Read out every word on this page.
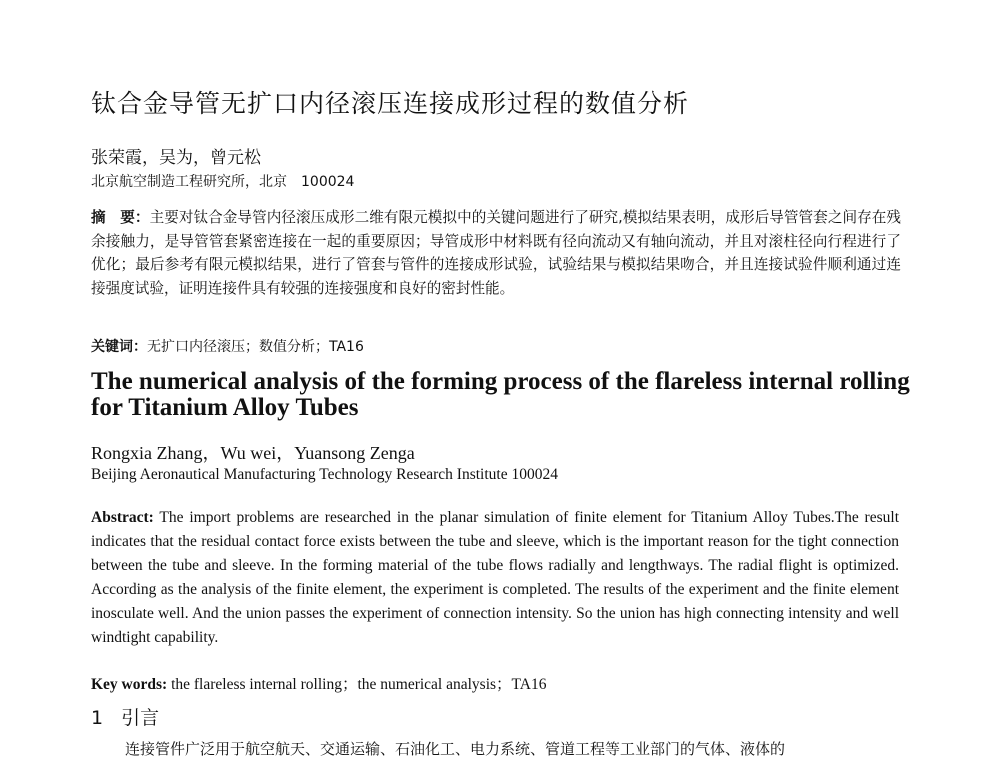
钛合金导管无扩口内径滚压连接成形过程的数值分析

张荣霞，吴为，曾元松

北京航空制造工程研究所，北京　100024

摘　要：主要对钛合金导管内径滚压成形二维有限元模拟中的关键问题进行了研究,模拟结果表明，成形后导管管套之间存在残余接触力，是导管管套紧密连接在一起的重要原因；导管成形中材料既有径向流动又有轴向流动，并且对滚柱径向行程进行了优化；最后参考有限元模拟结果，进行了管套与管件的连接成形试验，试验结果与模拟结果吻合，并且连接试验件顺利通过连接强度试验，证明连接件具有较强的连接强度和良好的密封性能。

关键词：无扩口内径滚压；数值分析；TA16

The numerical analysis of the forming process of the flareless internal rolling for Titanium Alloy Tubes

Rongxia Zhang，Wu wei，Yuansong Zenga

Beijing Aeronautical Manufacturing Technology Research Institute 100024

Abstract: The import problems are researched in the planar simulation of finite element for Titanium Alloy Tubes.The result indicates that the residual contact force exists between the tube and sleeve, which is the important reason for the tight connection between the tube and sleeve. In the forming material of the tube flows radially and lengthways. The radial flight is optimized. According as the analysis of the finite element, the experiment is completed. The results of the experiment and the finite element inosculate well. And the union passes the experiment of connection intensity. So the union has high connecting intensity and well windtight capability.

Key words: the flareless internal rolling；the numerical analysis；TA16

1 引言

连接管件广泛用于航空航天、交通运输、石油化工、电力系统、管道工程等工业部门的气体、液体的
